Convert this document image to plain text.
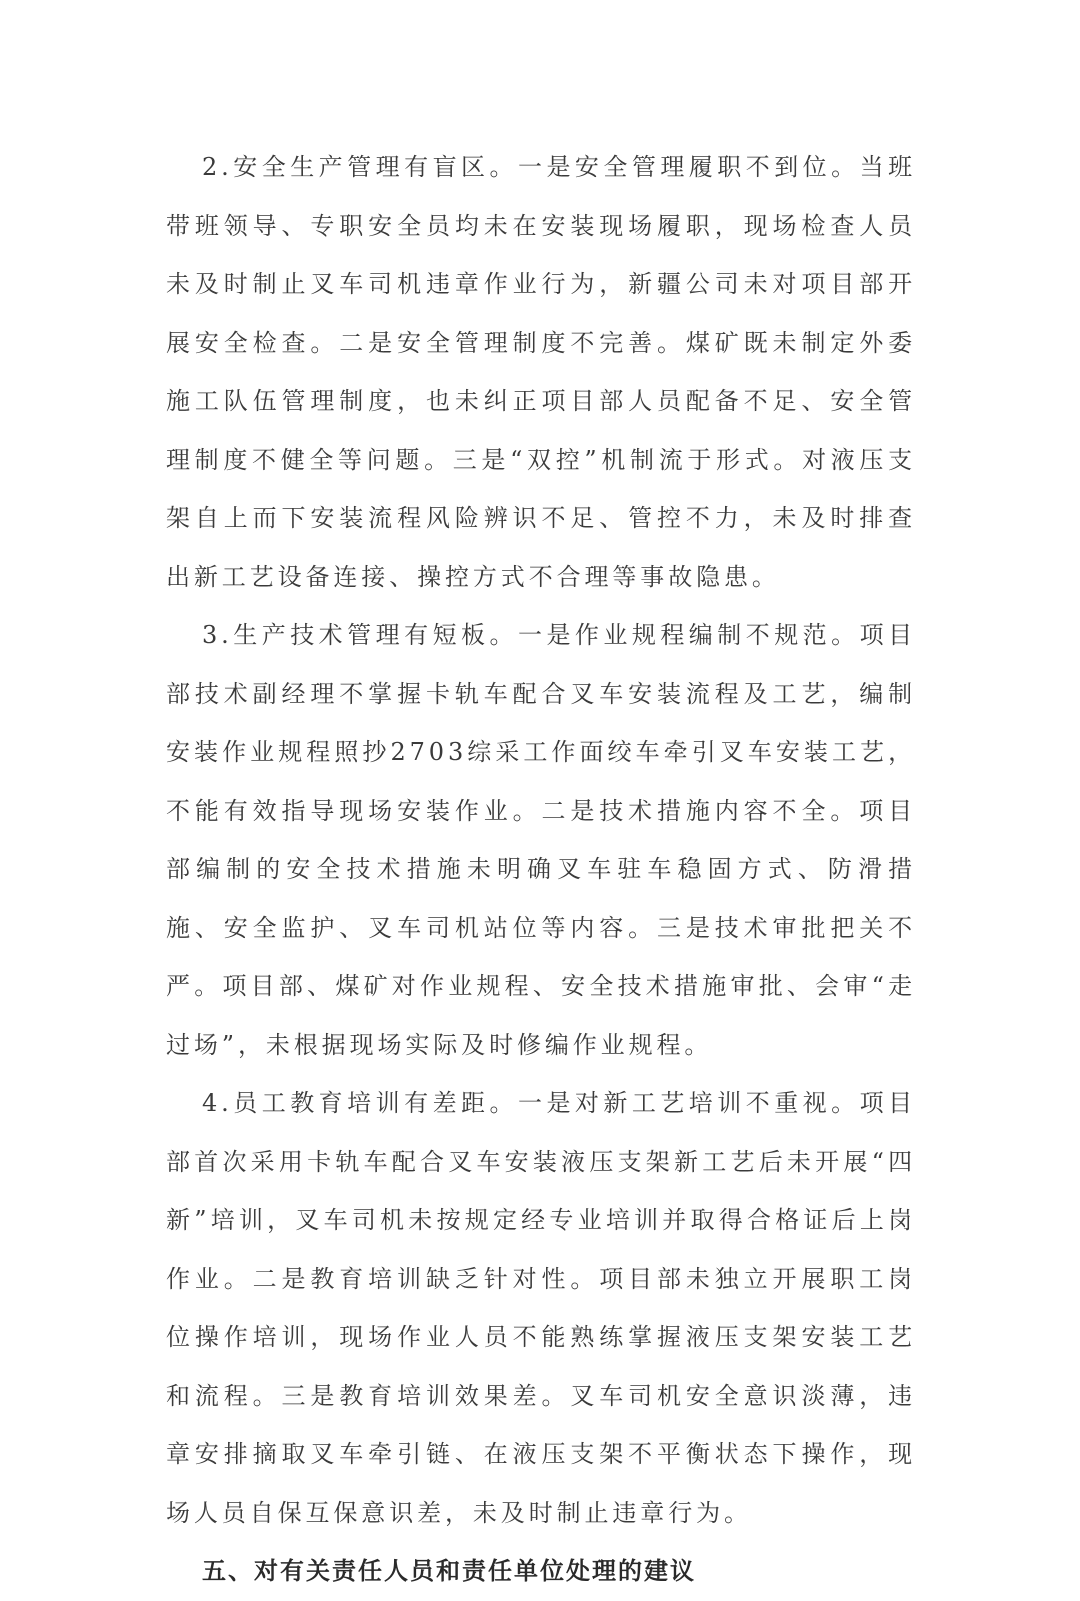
2.安全生产管理有盲区。一是安全管理履职不到位。当班带班领导、专职安全员均未在安装现场履职，现场检查人员未及时制止叉车司机违章作业行为，新疆公司未对项目部开展安全检查。二是安全管理制度不完善。煤矿既未制定外委施工队伍管理制度，也未纠正项目部人员配备不足、安全管理制度不健全等问题。三是“双控”机制流于形式。对液压支架自上而下安装流程风险辨识不足、管控不力，未及时排查出新工艺设备连接、操控方式不合理等事故隐患。

3.生产技术管理有短板。一是作业规程编制不规范。项目部技术副经理不掌握卡轨车配合叉车安装流程及工艺，编制安装作业规程照抄2703综采工作面绞车牵引叉车安装工艺，不能有效指导现场安装作业。二是技术措施内容不全。项目部编制的安全技术措施未明确叉车驻车稳固方式、防滑措施、安全监护、叉车司机站位等内容。三是技术审批把关不严。项目部、煤矿对作业规程、安全技术措施审批、会审“走过场”，未根据现场实际及时修编作业规程。

4.员工教育培训有差距。一是对新工艺培训不重视。项目部首次采用卡轨车配合叉车安装液压支架新工艺后未开展“四新”培训，叉车司机未按规定经专业培训并取得合格证后上岗作业。二是教育培训缺乏针对性。项目部未独立开展职工岗位操作培训，现场作业人员不能熟练掌握液压支架安装工艺和流程。三是教育培训效果差。叉车司机安全意识淡薄，违章安排摘取叉车牵引链、在液压支架不平衡状态下操作，现场人员自保互保意识差，未及时制止违章行为。

五、对有关责任人员和责任单位处理的建议
